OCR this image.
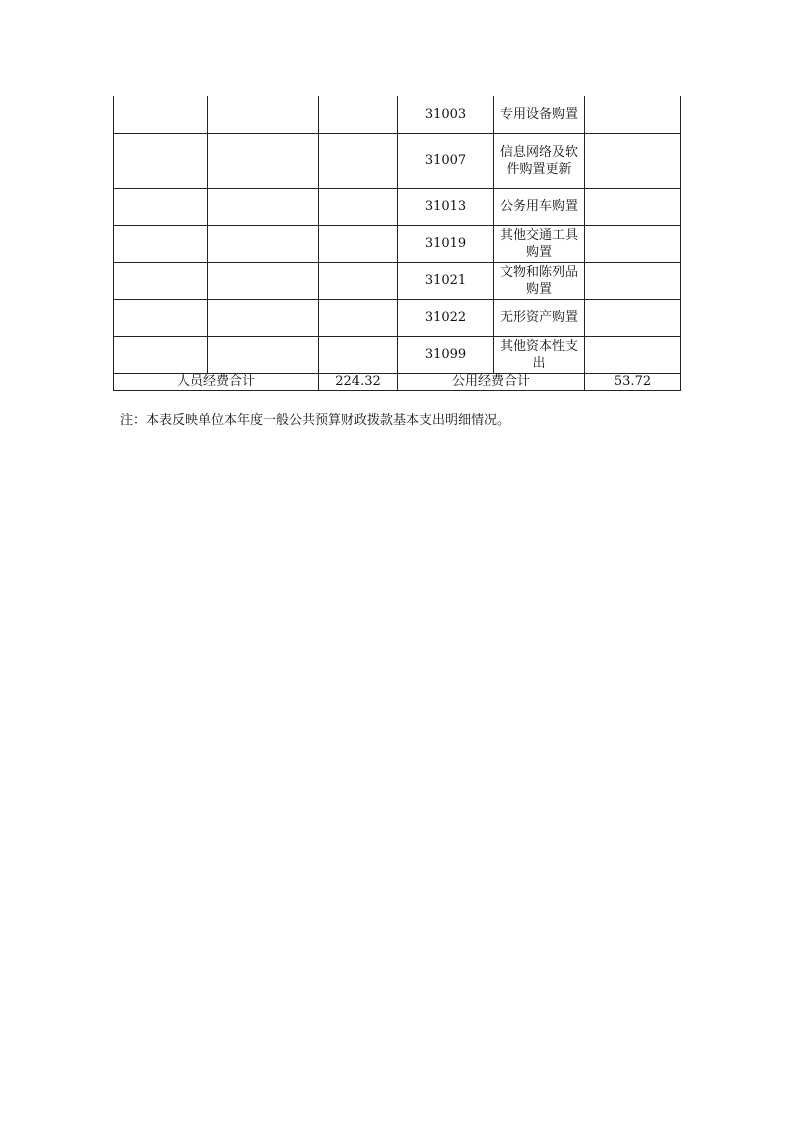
			31003	专用设备购置	
			31007	信息网络及软件购置更新	
			31013	公务用车购置	
			31019	其他交通工具购置	
			31021	文物和陈列品购置	
			31022	无形资产购置	
			31099	其他资本性支出	
人员经费合计		224.32	公用经费合计		53.72
注：本表反映单位本年度一般公共预算财政拨款基本支出明细情况。
